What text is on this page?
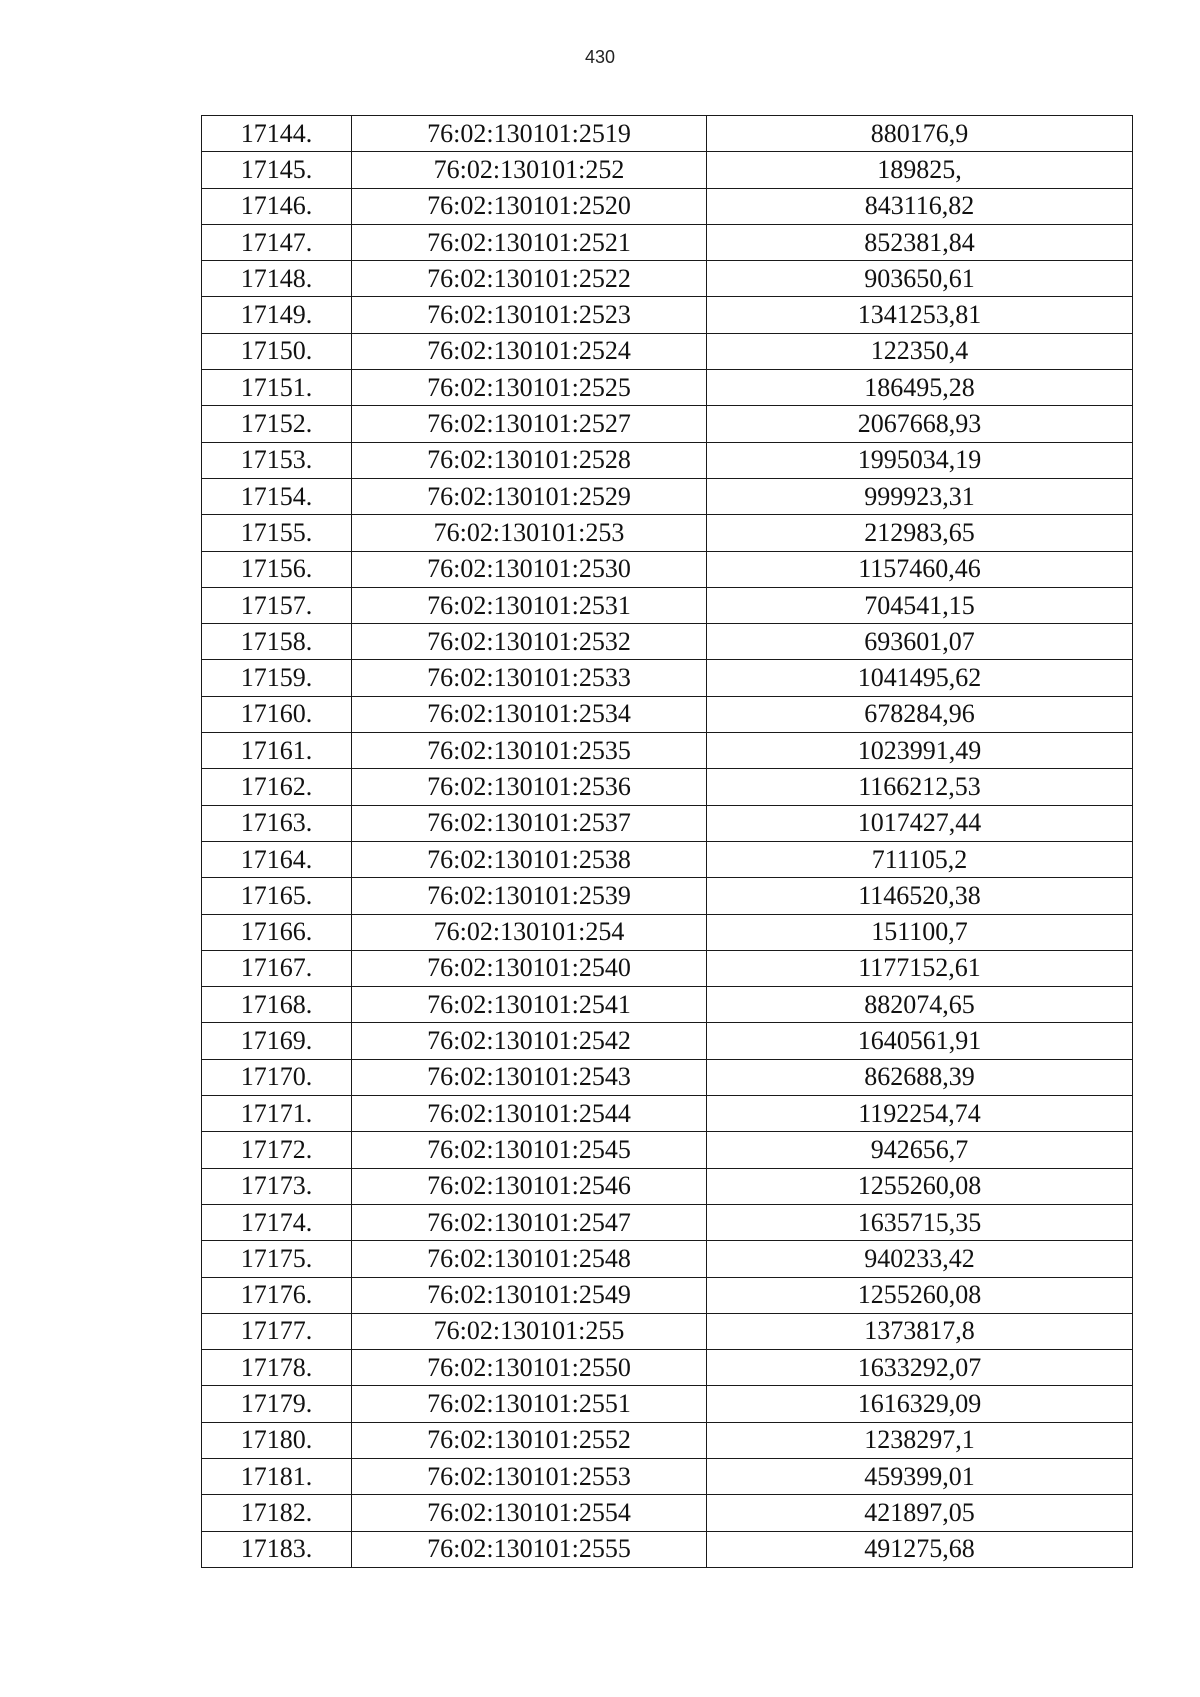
430
17144.	76:02:130101:2519	880176,9
17145.	76:02:130101:252	189825,
17146.	76:02:130101:2520	843116,82
17147.	76:02:130101:2521	852381,84
17148.	76:02:130101:2522	903650,61
17149.	76:02:130101:2523	1341253,81
17150.	76:02:130101:2524	122350,4
17151.	76:02:130101:2525	186495,28
17152.	76:02:130101:2527	2067668,93
17153.	76:02:130101:2528	1995034,19
17154.	76:02:130101:2529	999923,31
17155.	76:02:130101:253	212983,65
17156.	76:02:130101:2530	1157460,46
17157.	76:02:130101:2531	704541,15
17158.	76:02:130101:2532	693601,07
17159.	76:02:130101:2533	1041495,62
17160.	76:02:130101:2534	678284,96
17161.	76:02:130101:2535	1023991,49
17162.	76:02:130101:2536	1166212,53
17163.	76:02:130101:2537	1017427,44
17164.	76:02:130101:2538	711105,2
17165.	76:02:130101:2539	1146520,38
17166.	76:02:130101:254	151100,7
17167.	76:02:130101:2540	1177152,61
17168.	76:02:130101:2541	882074,65
17169.	76:02:130101:2542	1640561,91
17170.	76:02:130101:2543	862688,39
17171.	76:02:130101:2544	1192254,74
17172.	76:02:130101:2545	942656,7
17173.	76:02:130101:2546	1255260,08
17174.	76:02:130101:2547	1635715,35
17175.	76:02:130101:2548	940233,42
17176.	76:02:130101:2549	1255260,08
17177.	76:02:130101:255	1373817,8
17178.	76:02:130101:2550	1633292,07
17179.	76:02:130101:2551	1616329,09
17180.	76:02:130101:2552	1238297,1
17181.	76:02:130101:2553	459399,01
17182.	76:02:130101:2554	421897,05
17183.	76:02:130101:2555	491275,68
